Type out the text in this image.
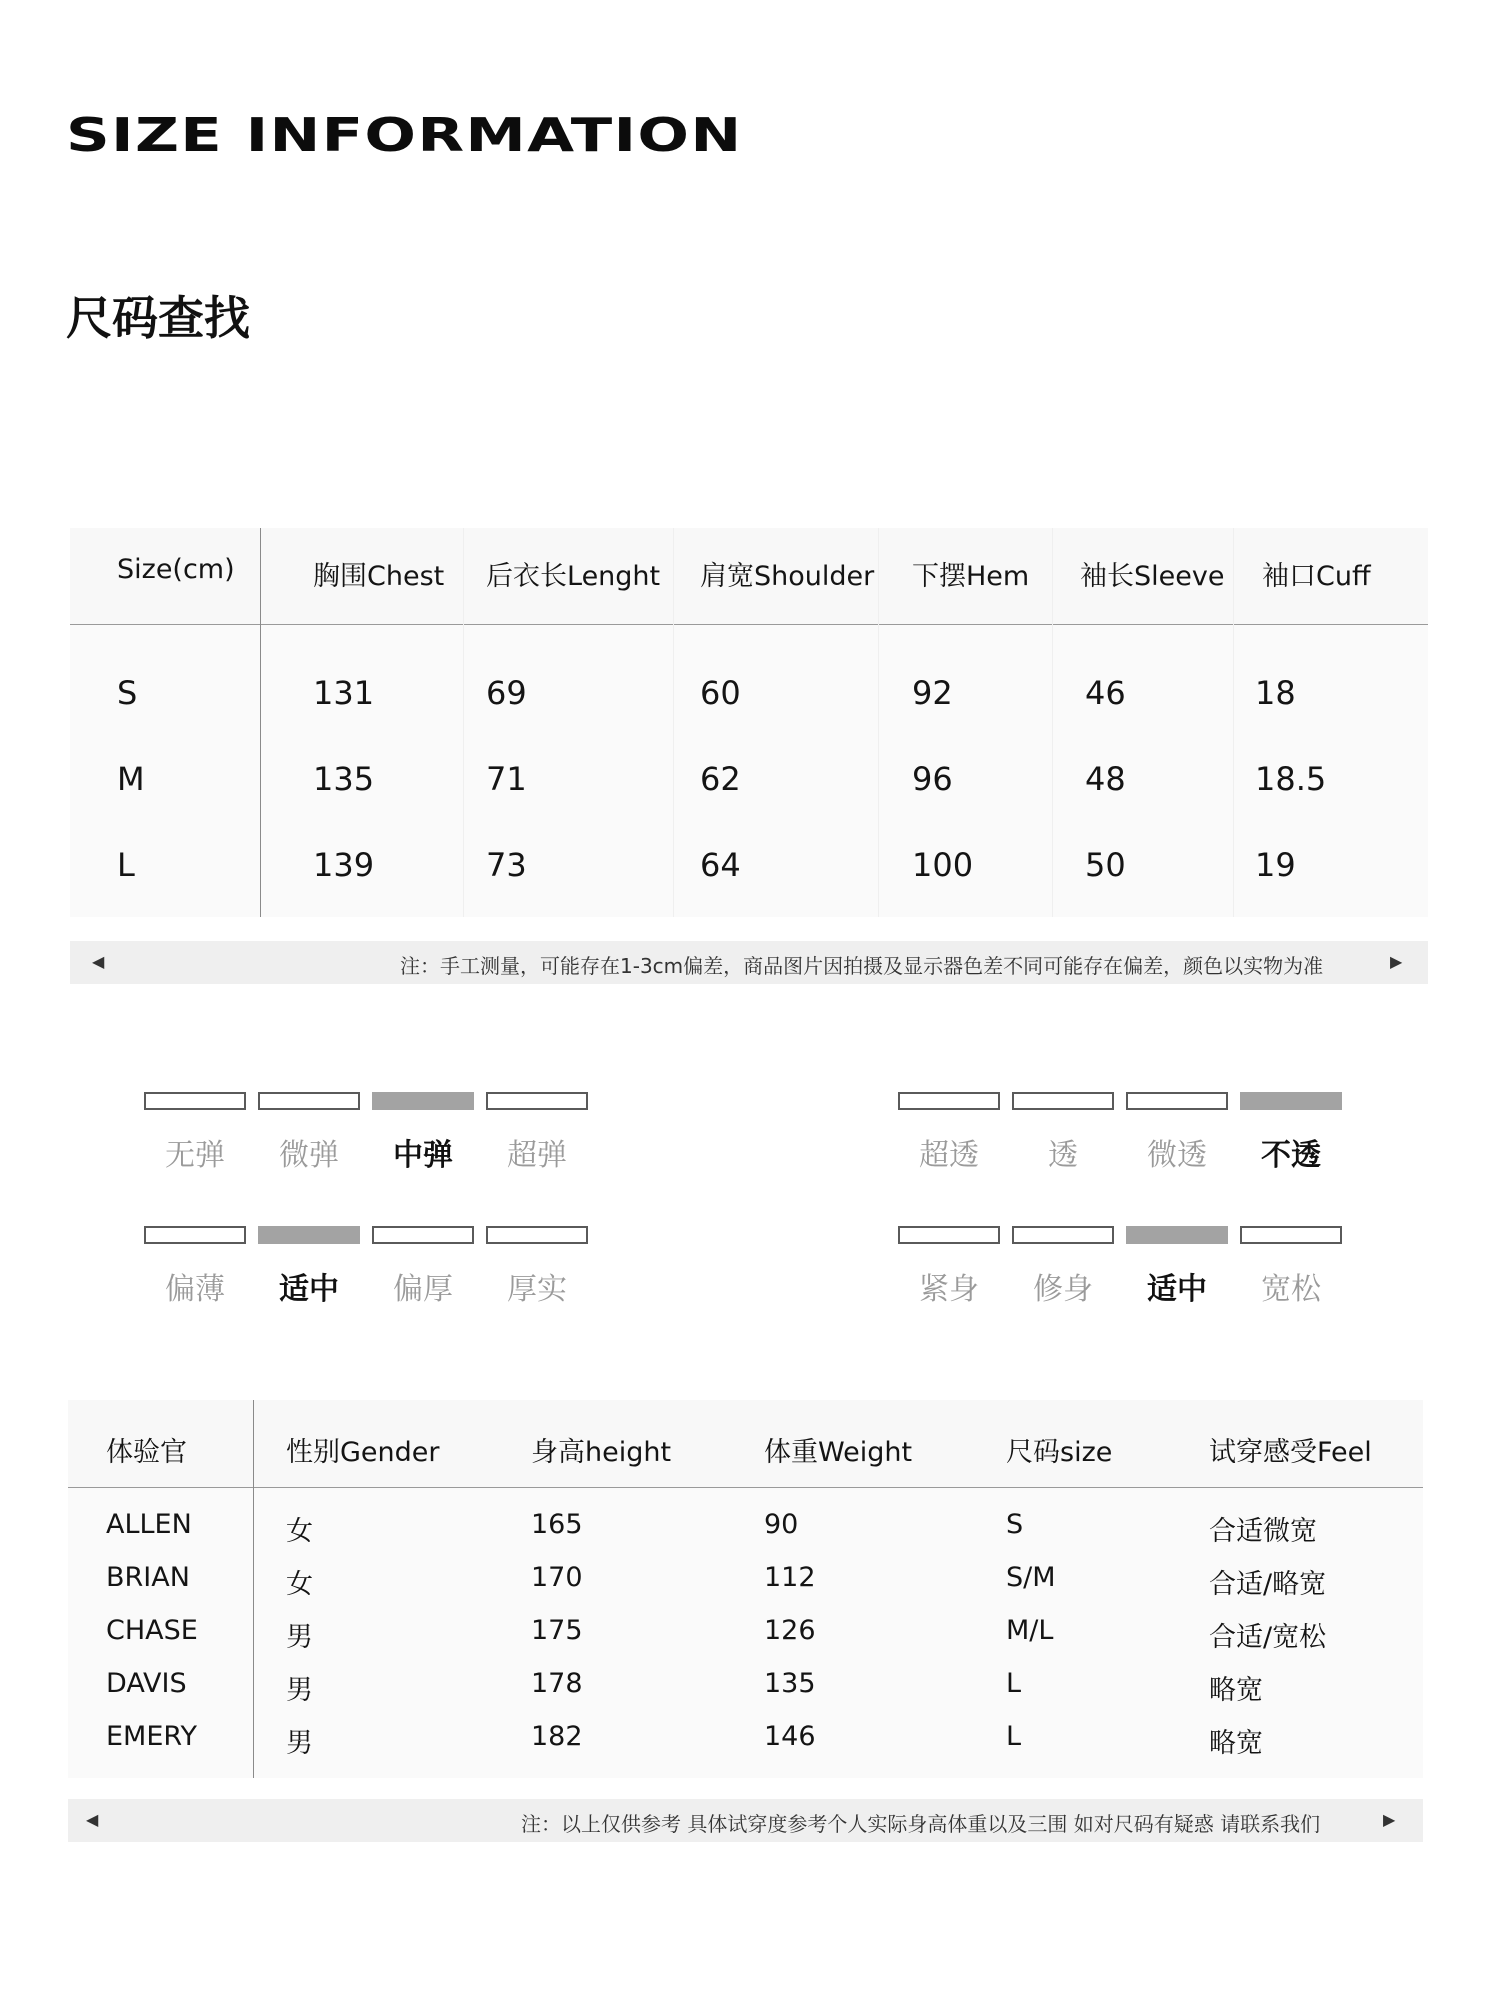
SIZE INFORMATION
尺码查找
Size(cm)	胸围Chest 后衣长Lenght 肩宽Shoulder 下摆Hem 袖长Sleeve 袖口Cuff
S	131	69	60	92	46	18
M	135	71	62	96	48	18.5
L	139	73	64	100	50	19
◀	注：手工测量，可能存在1-3cm偏差，商品图片因拍摄及显示器色差不同可能存在偏差，颜色以实物为准	▶
无弹	微弹	中弹	超弹	超透	透	微透	不透
偏薄	适中	偏厚	厚实	紧身	修身	适中	宽松
体验官	性别Gender	身高height	体重Weight	尺码size	试穿感受Feel
ALLEN	女	165	90	S	合适微宽
BRIAN	女	170	112	S/M	合适/略宽
CHASE	男	175	126	M/L	合适/宽松
DAVIS	男	178	135	L	略宽
EMERY	男	182	146	L	略宽
◀	注：以上仅供参考 具体试穿度参考个人实际身高体重以及三围 如对尺码有疑惑 请联系我们	▶
